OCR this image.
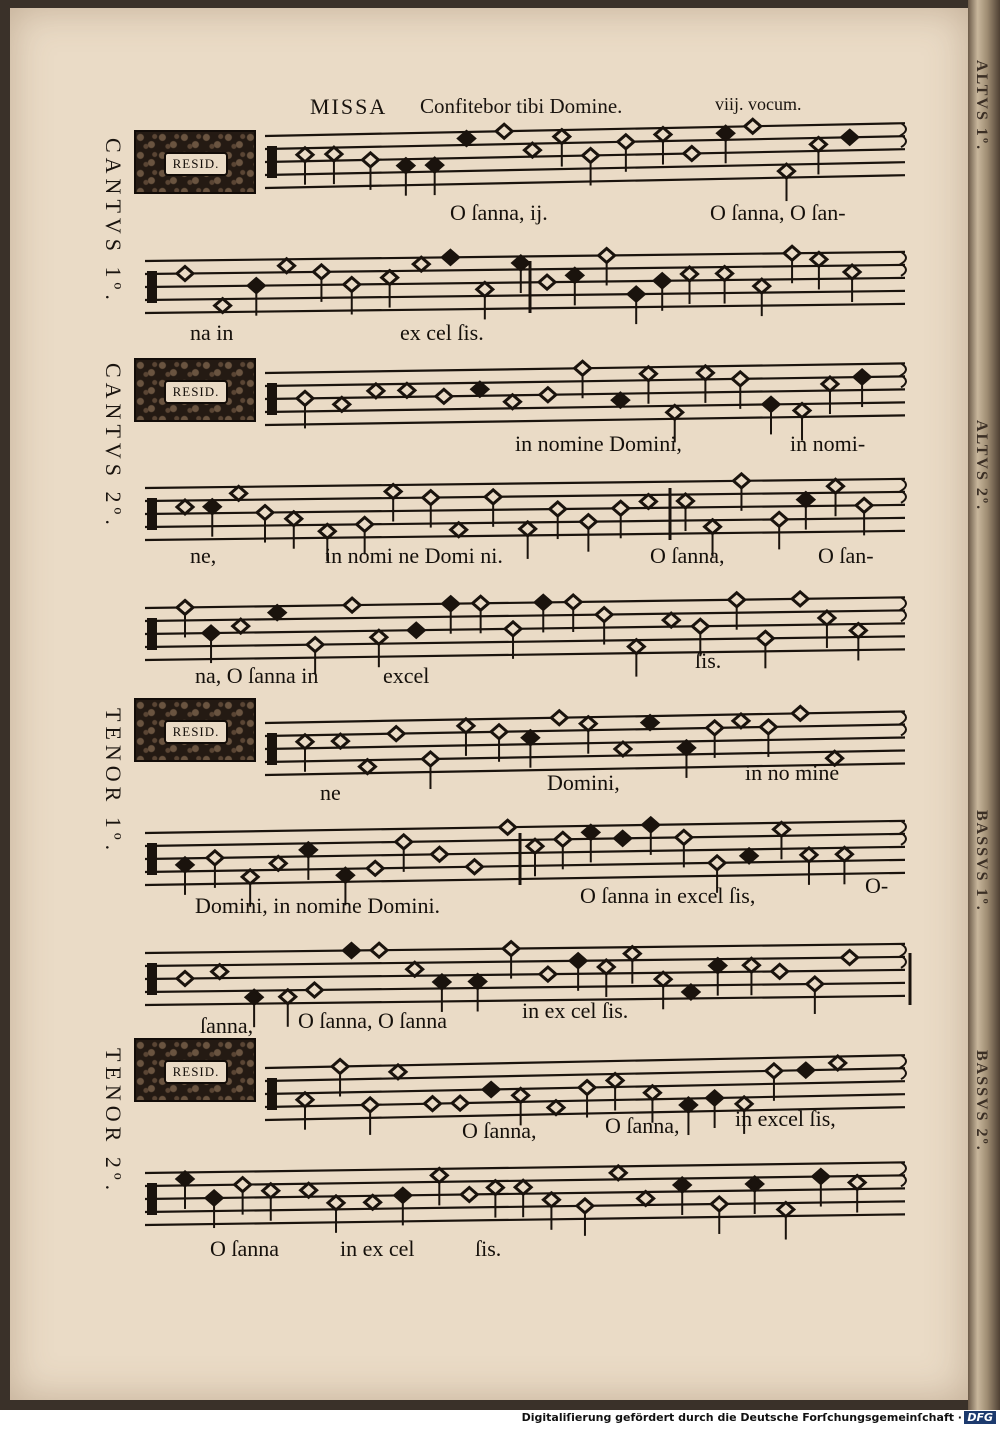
MISSA Confitebor tibi Domine.	viij. vocum.
CANTVS 1º.
CANTVS 2º.
TENOR 1º.
TENOR 2º.
RESID.
RESID.
RESID.
RESID.
O ſanna, ij.	O ſanna, O ſan-
na in	ex cel ſis.
in nomine Domini,	in nomi-
ne,	in nomi ne Domi ni.	O ſanna,	O ſan-
na, O ſanna in	excel
ſis.
ne	Domini,	in no mine
Domini, in nomine Domini.	O ſanna in excel ſis,	O-
ſanna, O ſanna, O ſanna	in ex cel ſis.
O ſanna,	O ſanna,	in excel ſis,
O ſanna	in ex cel	ſis.
ALTVS 1º.
ALTVS 2º.
BASSVS 1º.
BASSVS 2º.
Digitaliſierung gefördert durch die Deutsche Forſchungsgemeinſchaft · DFG
